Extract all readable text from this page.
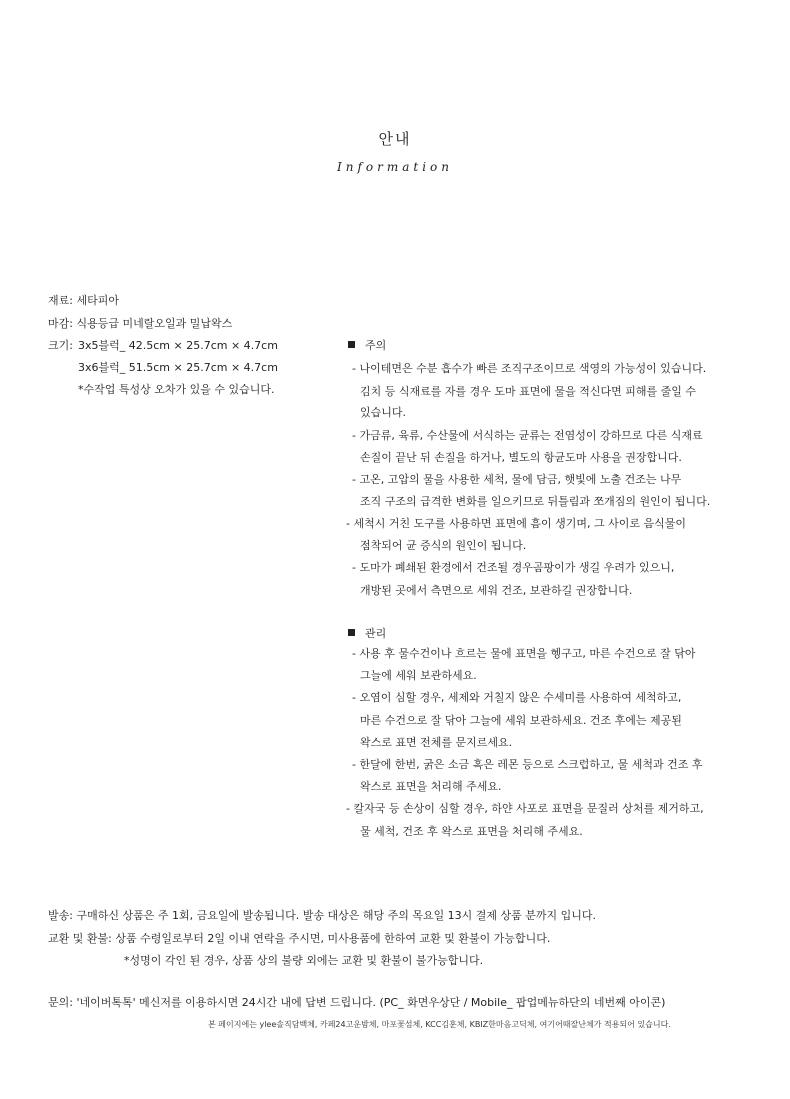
안내
Information
재료: 세타피아
마감: 식용등급 미네랄오일과 밀납왁스
크기: 3x5블럭_ 42.5cm × 25.7cm × 4.7cm
3x6블럭_ 51.5cm × 25.7cm × 4.7cm
*수작업 특성상 오차가 있을 수 있습니다.
주의
- 나이테면은 수분 흡수가 빠른 조직구조이므로 색영의 가능성이 있습니다.
김치 등 식재료를 자를 경우 도마 표면에 물을 적신다면 피해를 줄일 수
있습니다.
- 가금류, 육류, 수산물에 서식하는 균류는 전염성이 강하므로 다른 식재료
손질이 끝난 뒤 손질을 하거나, 별도의 항균도마 사용을 권장합니다.
- 고온, 고압의 물을 사용한 세척, 물에 담금, 햇빛에 노출 건조는 나무
조직 구조의 급격한 변화를 일으키므로 뒤틀림과 쪼개짐의 원인이 됩니다.
- 세척시 거친 도구를 사용하면 표면에 흠이 생기며, 그 사이로 음식물이
점착되어 균 증식의 원인이 됩니다.
- 도마가 폐쇄된 환경에서 건조될 경우곰팡이가 생길 우려가 있으니,
개방된 곳에서 측면으로 세워 건조, 보관하길 권장합니다.
관리
- 사용 후 물수건이나 흐르는 물에 표면을 헹구고, 마른 수건으로 잘 닦아
그늘에 세워 보관하세요.
- 오염이 심할 경우, 세제와 거칠지 않은 수세미를 사용하여 세척하고,
마른 수건으로 잘 닦아 그늘에 세워 보관하세요. 건조 후에는 제공된
왁스로 표면 전체를 문지르세요.
- 한달에 한번, 굵은 소금 혹은 레몬 등으로 스크럽하고, 물 세척과 건조 후
왁스로 표면을 처리해 주세요.
- 칼자국 등 손상이 심할 경우, 하얀 사포로 표면을 문질러 상처를 제거하고,
물 세척, 건조 후 왁스로 표면을 처리해 주세요.
발송: 구매하신 상품은 주 1회, 금요일에 발송됩니다. 발송 대상은 해당 주의 목요일 13시 결제 상품 분까지 입니다.
교환 및 환불: 상품 수령일로부터 2일 이내 연락을 주시면, 미사용품에 한하여 교환 및 환불이 가능합니다.
*성명이 각인 된 경우, 상품 상의 불량 외에는 교환 및 환불이 불가능합니다.
문의: '네이버톡톡' 메신저를 이용하시면 24시간 내에 답변 드립니다. (PC_ 화면우상단 / Mobile_ 팝업메뉴하단의 네번째 아이콘)
본 페이지에는 ylee솔직담백체, 카페24고운밤체, 마포꽃섬체, KCC김훈체, KBIZ한마음고딕체, 여기어때잘난체가 적용되어 있습니다.
